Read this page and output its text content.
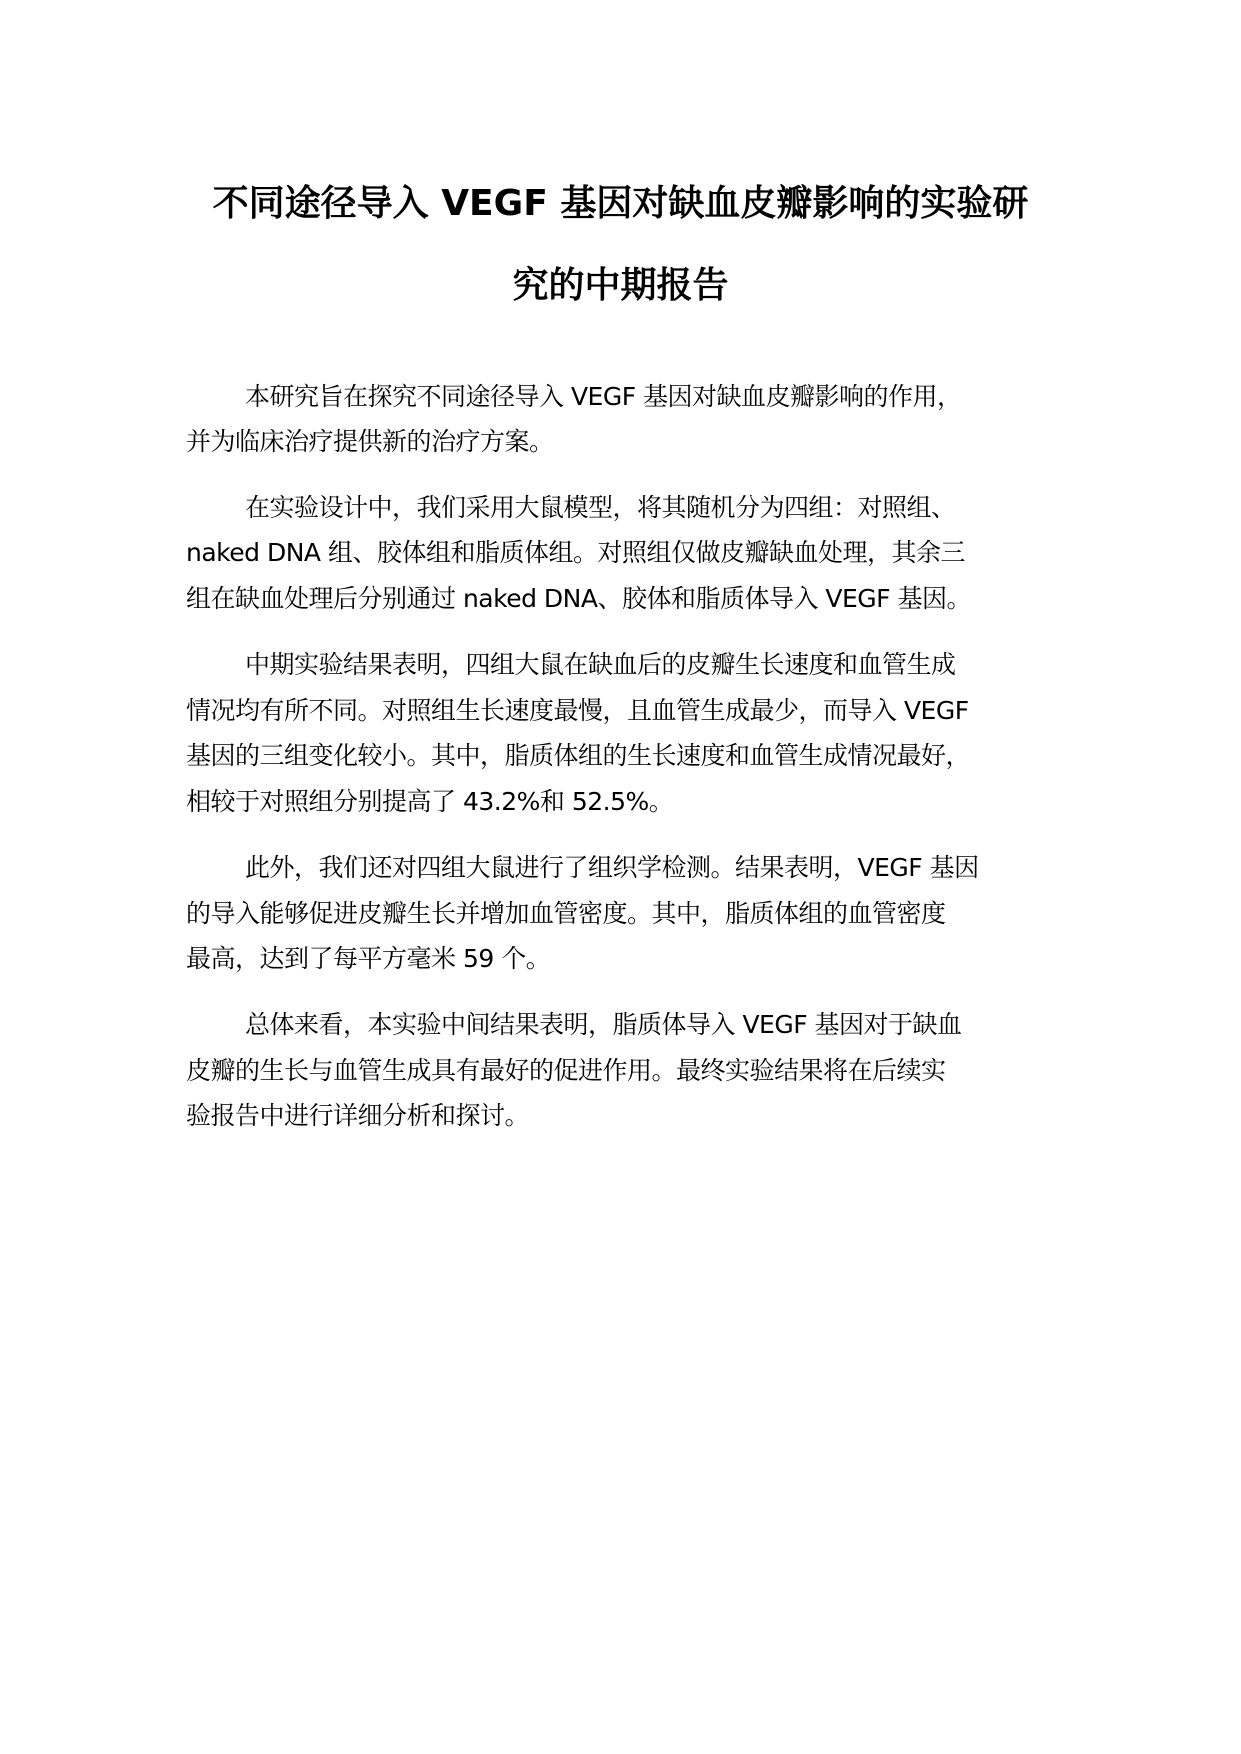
不同途径导入 VEGF 基因对缺血皮瓣影响的实验研
究的中期报告
本研究旨在探究不同途径导入 VEGF 基因对缺血皮瓣影响的作用，
并为临床治疗提供新的治疗方案。
在实验设计中，我们采用大鼠模型，将其随机分为四组：对照组、
naked DNA 组、胶体组和脂质体组。对照组仅做皮瓣缺血处理，其余三
组在缺血处理后分别通过 naked DNA、胶体和脂质体导入 VEGF 基因。
中期实验结果表明，四组大鼠在缺血后的皮瓣生长速度和血管生成
情况均有所不同。对照组生长速度最慢，且血管生成最少，而导入 VEGF
基因的三组变化较小。其中，脂质体组的生长速度和血管生成情况最好，
相较于对照组分别提高了 43.2%和 52.5%。
此外，我们还对四组大鼠进行了组织学检测。结果表明，VEGF 基因
的导入能够促进皮瓣生长并增加血管密度。其中，脂质体组的血管密度
最高，达到了每平方毫米 59 个。
总体来看，本实验中间结果表明，脂质体导入 VEGF 基因对于缺血
皮瓣的生长与血管生成具有最好的促进作用。最终实验结果将在后续实
验报告中进行详细分析和探讨。
